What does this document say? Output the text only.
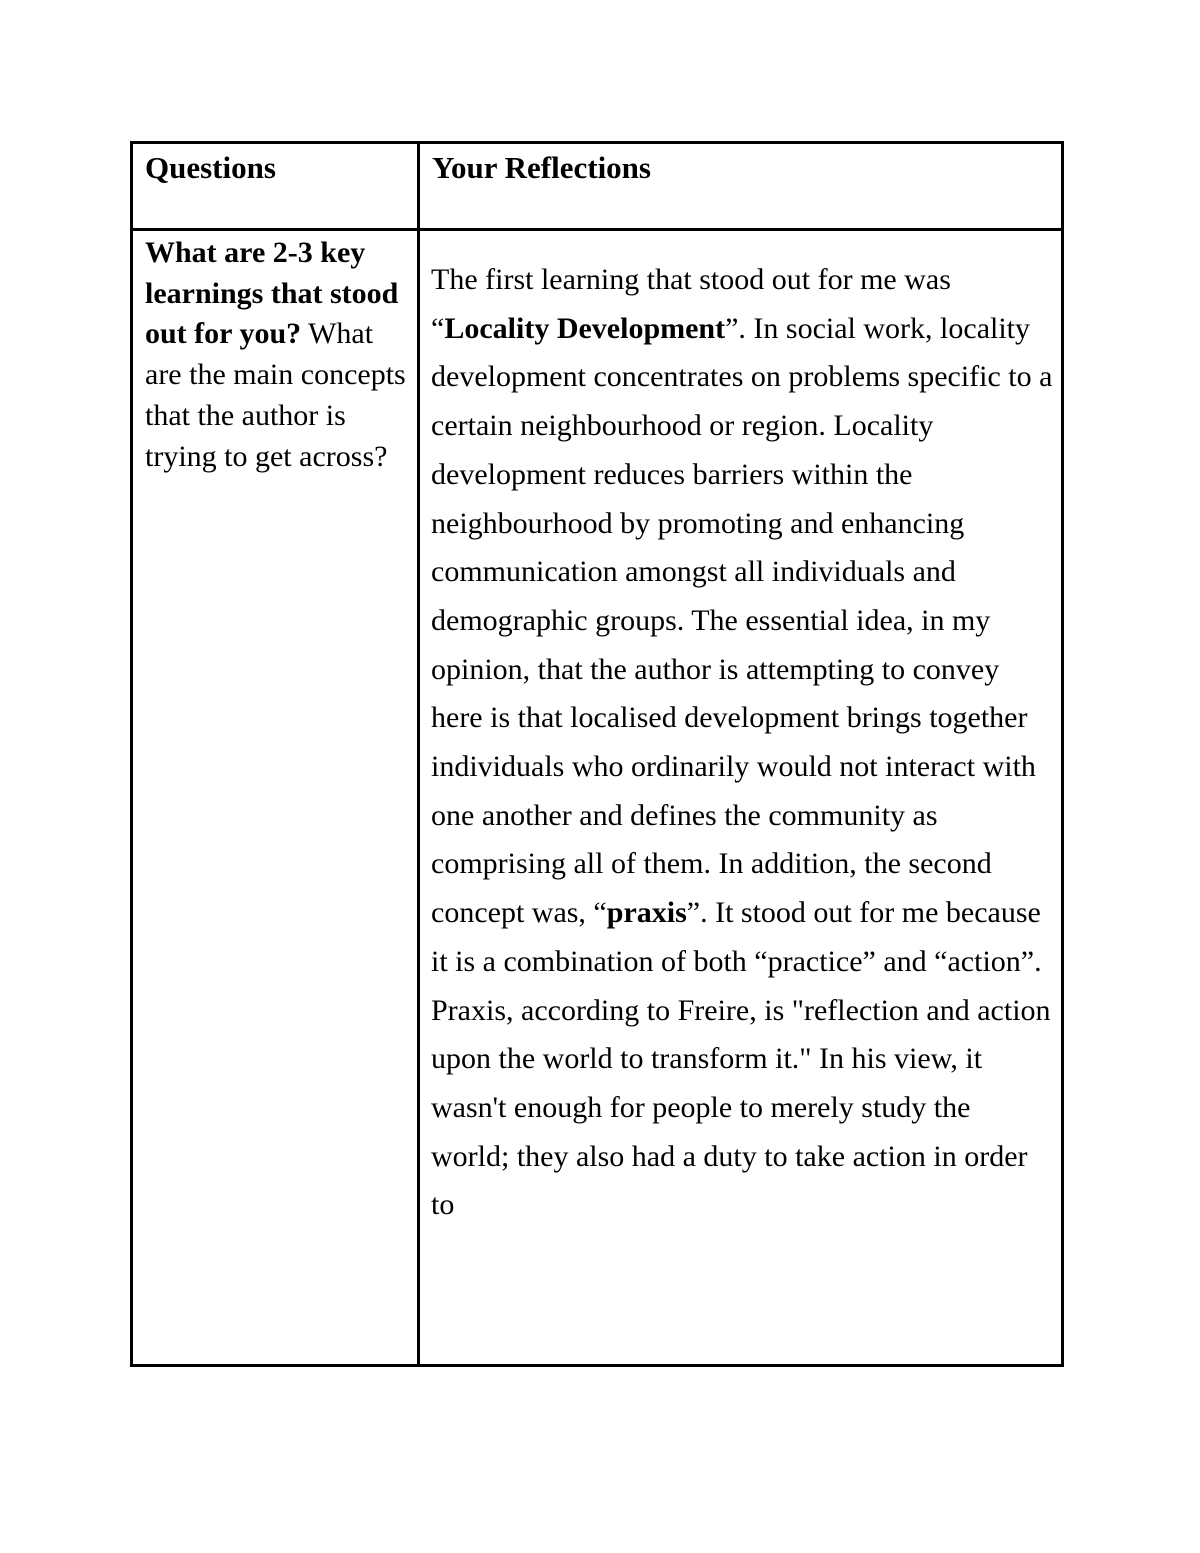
Questions	Your Reflections

What are 2-3 key learnings that stood out for you? What are the main concepts that the author is trying to get across?	The first learning that stood out for me was “Locality Development”. In social work, locality development concentrates on problems specific to a certain neighbourhood or region. Locality development reduces barriers within the neighbourhood by promoting and enhancing communication amongst all individuals and demographic groups. The essential idea, in my opinion, that the author is attempting to convey here is that localised development brings together individuals who ordinarily would not interact with one another and defines the community as comprising all of them. In addition, the second concept was, “praxis”. It stood out for me because it is a combination of both “practice” and “action”. Praxis, according to Freire, is "reflection and action upon the world to transform it." In his view, it wasn't enough for people to merely study the world; they also had a duty to take action in order to
